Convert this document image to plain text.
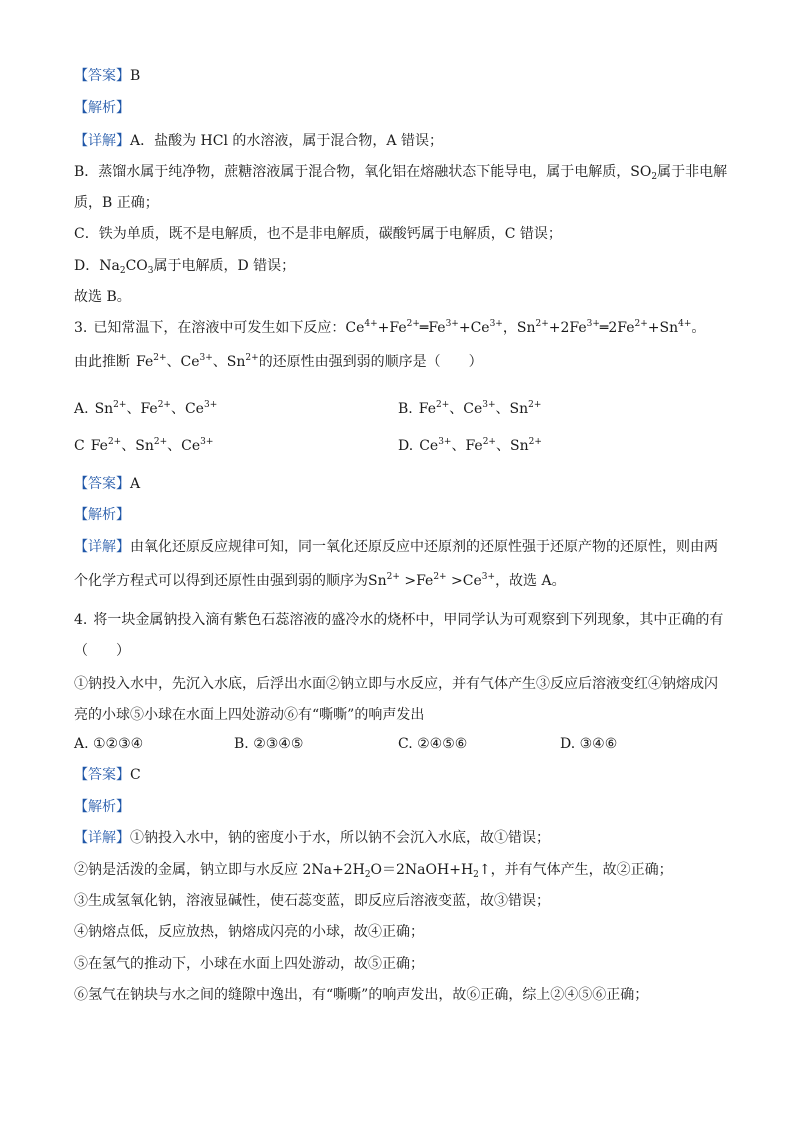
【答案】B
【解析】
【详解】A．盐酸为 HCl 的水溶液，属于混合物，A 错误；
B．蒸馏水属于纯净物，蔗糖溶液属于混合物，氧化铝在熔融状态下能导电，属于电解质，$SO_2$属于非电解
质，B 正确；
C．铁为单质，既不是电解质，也不是非电解质，碳酸钙属于电解质，C 错误；
D．$Na_2CO_3$属于电解质，D 错误；
故选 B。
3. 已知常温下，在溶液中可发生如下反应：$Ce^{4+}+Fe^{2+}═Fe^{3+}+Ce^{3+}$，$Sn^{2+}+2Fe^{3+}═2Fe^{2+}+Sn^{4+}$。
由此推断 $Fe^{2+}$、$Ce^{3+}$、$Sn^{2+}$的还原性由强到弱的顺序是（　　）
A. $Sn^{2+}$、$Fe^{2+}$、$Ce^{3+}$	B. $Fe^{2+}$、$Ce^{3+}$、$Sn^{2+}$
C $Fe^{2+}$、$Sn^{2+}$、$Ce^{3+}$	D. $Ce^{3+}$、$Fe^{2+}$、$Sn^{2+}$
【答案】A
【解析】
【详解】由氧化还原反应规律可知，同一氧化还原反应中还原剂的还原性强于还原产物的还原性，则由两
个化学方程式可以得到还原性由强到弱的顺序为$Sn^{2+} >Fe^{2+} >Ce^{3+}$，故选 A。
4. 将一块金属钠投入滴有紫色石蕊溶液的盛冷水的烧杯中，甲同学认为可观察到下列现象，其中正确的有
（　　）
①钠投入水中，先沉入水底，后浮出水面②钠立即与水反应，并有气体产生③反应后溶液变红④钠熔成闪
亮的小球⑤小球在水面上四处游动⑥有“嘶嘶”的响声发出
A. ①②③④	B. ②③④⑤	C. ②④⑤⑥	D. ③④⑥
【答案】C
【解析】
【详解】①钠投入水中，钠的密度小于水，所以钠不会沉入水底，故①错误；
②钠是活泼的金属，钠立即与水反应 $2Na+2H_2O=2NaOH+H_2↑$，并有气体产生，故②正确；
③生成氢氧化钠，溶液显碱性，使石蕊变蓝，即反应后溶液变蓝，故③错误；
④钠熔点低，反应放热，钠熔成闪亮的小球，故④正确；
⑤在氢气的推动下，小球在水面上四处游动，故⑤正确；
⑥氢气在钠块与水之间的缝隙中逸出，有“嘶嘶”的响声发出，故⑥正确，综上②④⑤⑥正确；
